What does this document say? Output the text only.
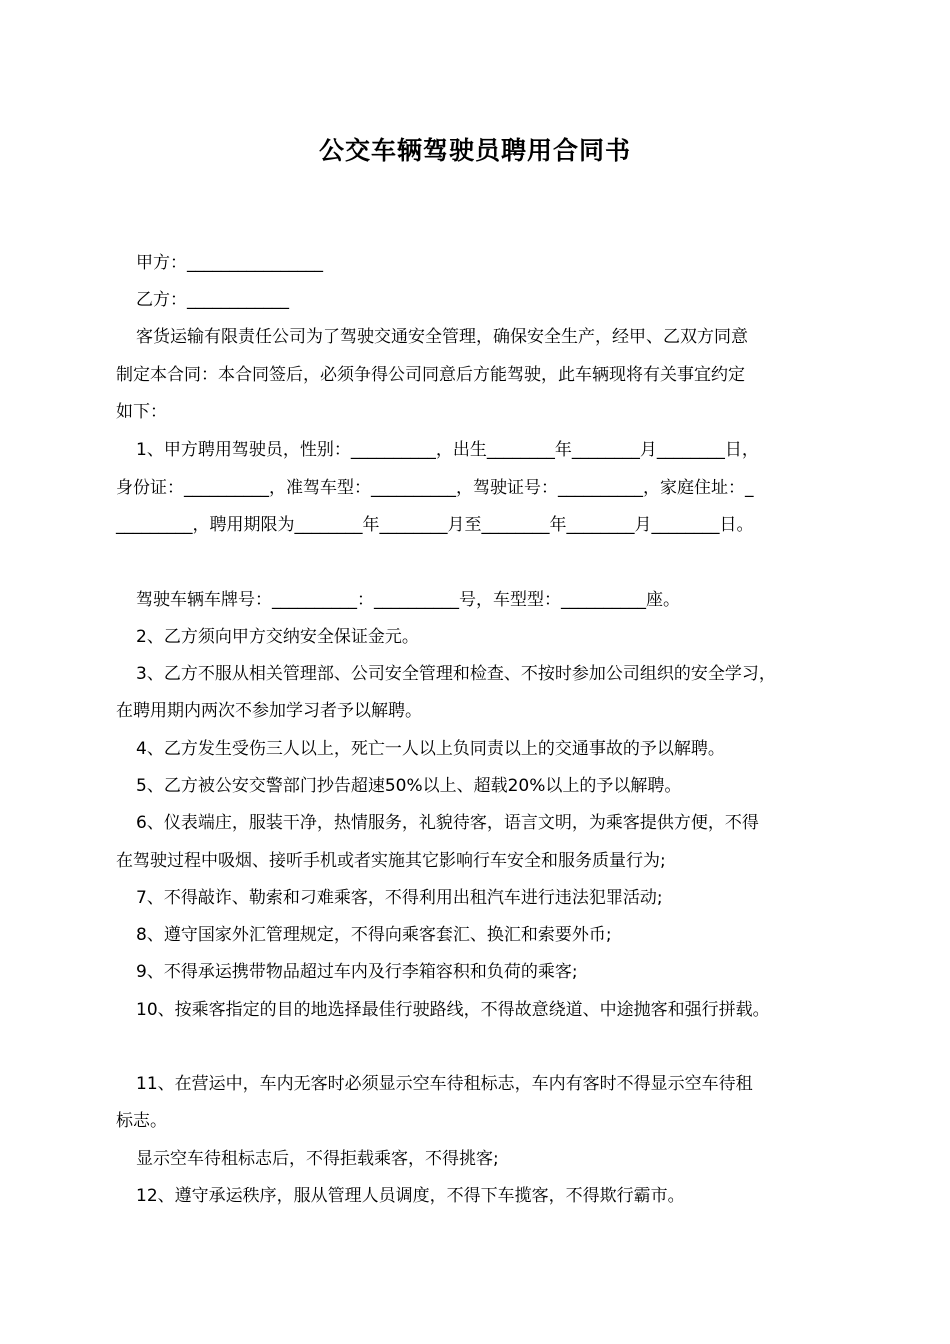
公交车辆驾驶员聘用合同书

甲方：________________

乙方：____________

客货运输有限责任公司为了驾驶交通安全管理，确保安全生产，经甲、乙双方同意

制定本合同：本合同签后，必须争得公司同意后方能驾驶，此车辆现将有关事宜约定

如下：

1、甲方聘用驾驶员，性别：__________，出生________年________月________日，

身份证：__________，准驾车型：__________，驾驶证号：__________，家庭住址：_

_________，聘用期限为________年________月至________年________月________日。

驾驶车辆车牌号：__________：__________号，车型型：__________座。

2、乙方须向甲方交纳安全保证金元。

3、乙方不服从相关管理部、公司安全管理和检查、不按时参加公司组织的安全学习，

在聘用期内两次不参加学习者予以解聘。

4、乙方发生受伤三人以上，死亡一人以上负同责以上的交通事故的予以解聘。

5、乙方被公安交警部门抄告超速50%以上、超载20%以上的予以解聘。

6、仪表端庄，服装干净，热情服务，礼貌待客，语言文明，为乘客提供方便，不得

在驾驶过程中吸烟、接听手机或者实施其它影响行车安全和服务质量行为;

7、不得敲诈、勒索和刁难乘客，不得利用出租汽车进行违法犯罪活动;

8、遵守国家外汇管理规定，不得向乘客套汇、换汇和索要外币;

9、不得承运携带物品超过车内及行李箱容积和负荷的乘客;

10、按乘客指定的目的地选择最佳行驶路线，不得故意绕道、中途抛客和强行拼载。

11、在营运中，车内无客时必须显示空车待租标志，车内有客时不得显示空车待租

标志。

显示空车待租标志后，不得拒载乘客，不得挑客;

12、遵守承运秩序，服从管理人员调度，不得下车揽客，不得欺行霸市。
